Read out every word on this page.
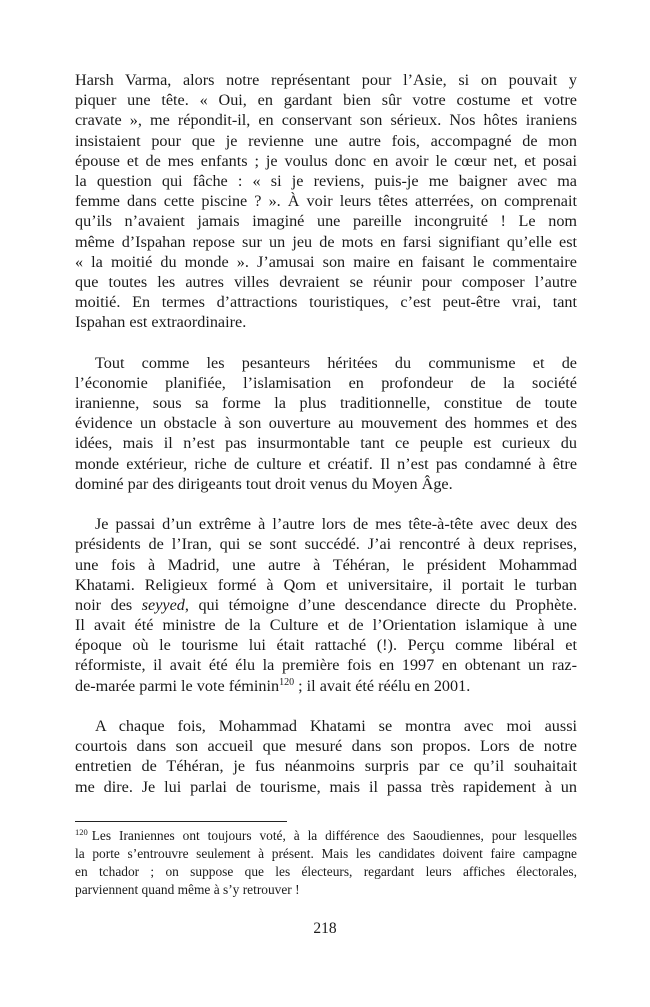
Harsh Varma, alors notre représentant pour l’Asie, si on pouvait y
piquer une tête. « Oui, en gardant bien sûr votre costume et votre
cravate », me répondit-il, en conservant son sérieux. Nos hôtes iraniens
insistaient pour que je revienne une autre fois, accompagné de mon
épouse et de mes enfants ; je voulus donc en avoir le cœur net, et posai
la question qui fâche : « si je reviens, puis-je me baigner avec ma
femme dans cette piscine ? ». À voir leurs têtes atterrées, on comprenait
qu’ils n’avaient jamais imaginé une pareille incongruité ! Le nom
même d’Ispahan repose sur un jeu de mots en farsi signifiant qu’elle est
« la moitié du monde ». J’amusai son maire en faisant le commentaire
que toutes les autres villes devraient se réunir pour composer l’autre
moitié. En termes d’attractions touristiques, c’est peut-être vrai, tant
Ispahan est extraordinaire.
Tout comme les pesanteurs héritées du communisme et de
l’économie planifiée, l’islamisation en profondeur de la société
iranienne, sous sa forme la plus traditionnelle, constitue de toute
évidence un obstacle à son ouverture au mouvement des hommes et des
idées, mais il n’est pas insurmontable tant ce peuple est curieux du
monde extérieur, riche de culture et créatif. Il n’est pas condamné à être
dominé par des dirigeants tout droit venus du Moyen Âge.
Je passai d’un extrême à l’autre lors de mes tête-à-tête avec deux des
présidents de l’Iran, qui se sont succédé. J’ai rencontré à deux reprises,
une fois à Madrid, une autre à Téhéran, le président Mohammad
Khatami. Religieux formé à Qom et universitaire, il portait le turban
noir des seyyed, qui témoigne d’une descendance directe du Prophète.
Il avait été ministre de la Culture et de l’Orientation islamique à une
époque où le tourisme lui était rattaché (!). Perçu comme libéral et
réformiste, il avait été élu la première fois en 1997 en obtenant un raz-
de-marée parmi le vote féminin$^{120}$ ; il avait été réélu en 2001.
A chaque fois, Mohammad Khatami se montra avec moi aussi
courtois dans son accueil que mesuré dans son propos. Lors de notre
entretien de Téhéran, je fus néanmoins surpris par ce qu’il souhaitait
me dire. Je lui parlai de tourisme, mais il passa très rapidement à un
$^{120}$ Les Iraniennes ont toujours voté, à la différence des Saoudiennes, pour lesquelles
la porte s’entrouvre seulement à présent. Mais les candidates doivent faire campagne
en tchador ; on suppose que les électeurs, regardant leurs affiches électorales,
parviennent quand même à s’y retrouver !
218
